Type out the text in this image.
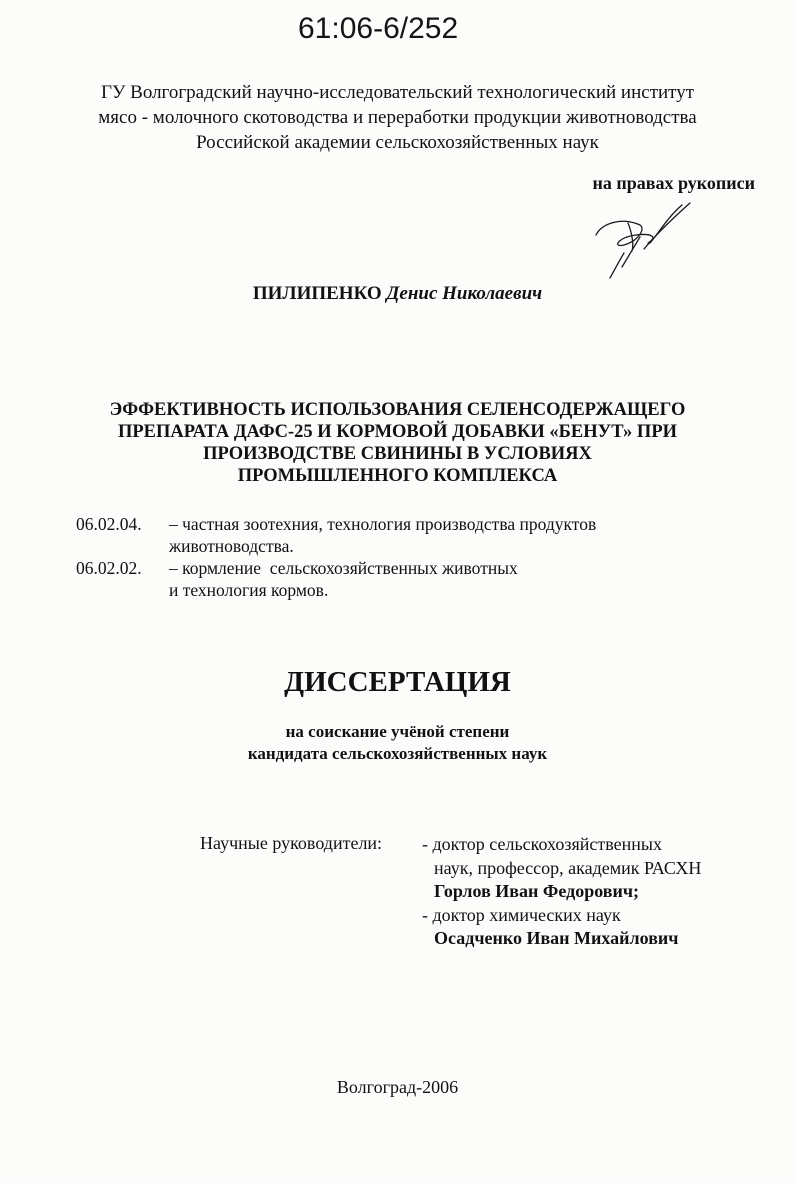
61:06-6/252
ГУ Волгоградский научно-исследовательский технологический институт
мясо - молочного скотоводства и переработки продукции животноводства
Российской академии сельскохозяйственных наук
на правах рукописи
ПИЛИПЕНКО Денис Николаевич
ЭФФЕКТИВНОСТЬ ИСПОЛЬЗОВАНИЯ СЕЛЕНСОДЕРЖАЩЕГО
ПРЕПАРАТА ДАФС-25 И КОРМОВОЙ ДОБАВКИ «БЕНУТ» ПРИ
ПРОИЗВОДСТВЕ СВИНИНЫ В УСЛОВИЯХ
ПРОМЫШЛЕННОГО КОМПЛЕКСА
06.02.04.	– частная зоотехния, технология производства продуктов
животноводства.
06.02.02.	– кормление  сельскохозяйственных животных
и технология кормов.
ДИССЕРТАЦИЯ
на соискание учёной степени
кандидата сельскохозяйственных наук
Научные руководители: - доктор сельскохозяйственных
наук, профессор, академик РАСХН
Горлов Иван Федорович;
- доктор химических наук
Осадченко Иван Михайлович
Волгоград-2006
